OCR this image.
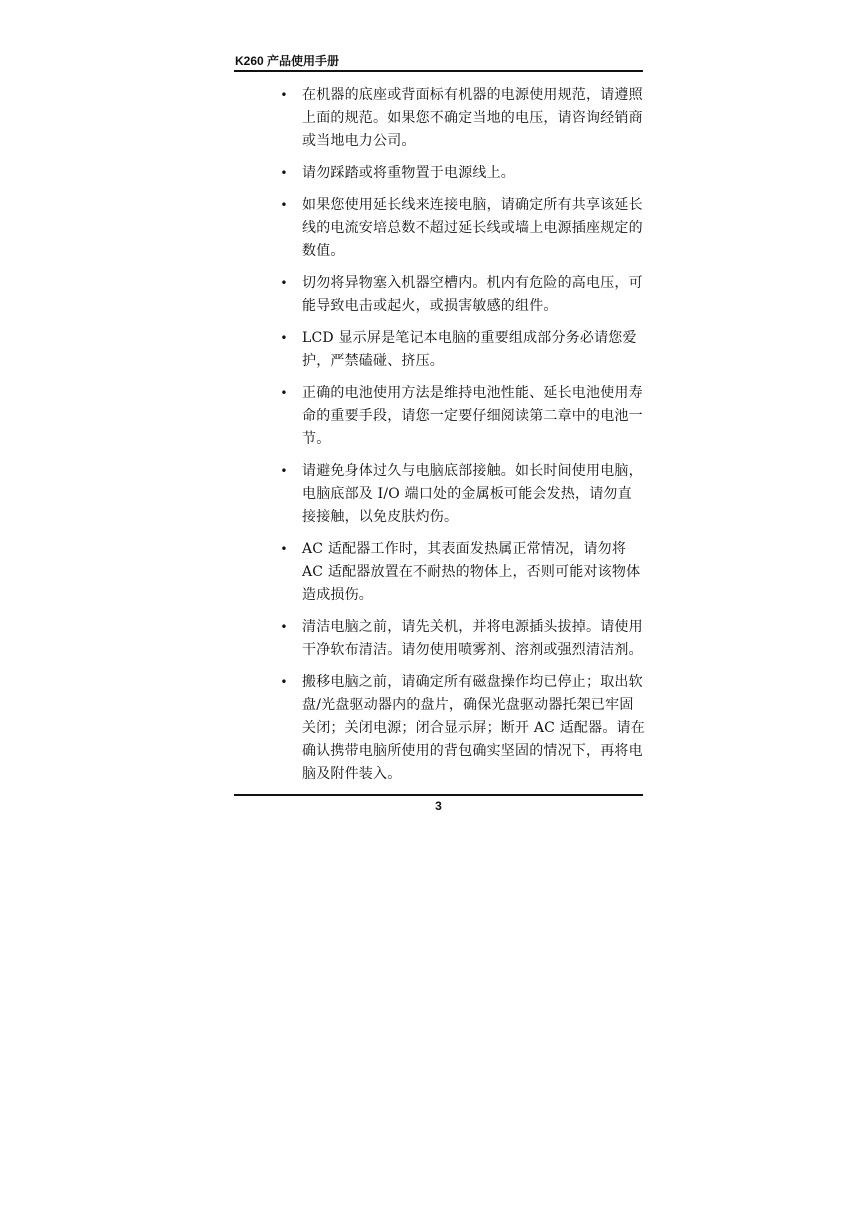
K260 产品使用手册
• 在机器的底座或背面标有机器的电源使用规范，请遵照上面的规范。如果您不确定当地的电压，请咨询经销商或当地电力公司。
• 请勿踩踏或将重物置于电源线上。
• 如果您使用延长线来连接电脑，请确定所有共享该延长线的电流安培总数不超过延长线或墙上电源插座规定的数值。
• 切勿将异物塞入机器空槽内。机内有危险的高电压，可能导致电击或起火，或损害敏感的组件。
• LCD 显示屏是笔记本电脑的重要组成部分务必请您爱护，严禁磕碰、挤压。
• 正确的电池使用方法是维持电池性能、延长电池使用寿命的重要手段，请您一定要仔细阅读第二章中的电池一节。
• 请避免身体过久与电脑底部接触。如长时间使用电脑，电脑底部及 I/O 端口处的金属板可能会发热，请勿直接接触，以免皮肤灼伤。
• AC 适配器工作时，其表面发热属正常情况，请勿将 AC 适配器放置在不耐热的物体上，否则可能对该物体造成损伤。
• 清洁电脑之前，请先关机，并将电源插头拔掉。请使用干净软布清洁。请勿使用喷雾剂、溶剂或强烈清洁剂。
• 搬移电脑之前，请确定所有磁盘操作均已停止；取出软盘/光盘驱动器内的盘片，确保光盘驱动器托架已牢固关闭；关闭电源；闭合显示屏；断开 AC 适配器。请在确认携带电脑所使用的背包确实坚固的情况下，再将电脑及附件装入。
3
